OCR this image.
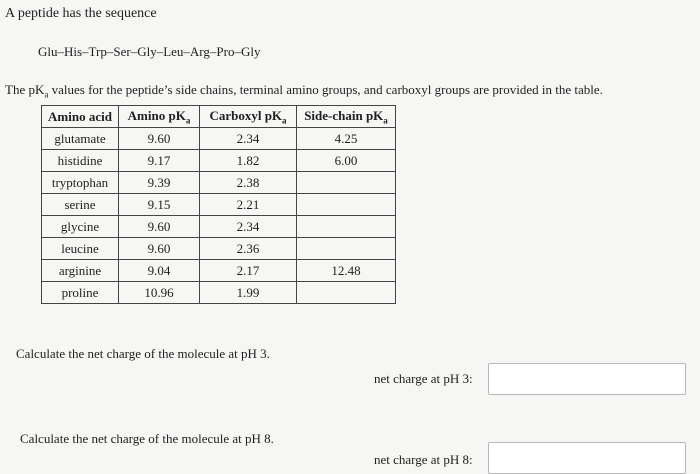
A peptide has the sequence
Glu–His–Trp–Ser–Gly–Leu–Arg–Pro–Gly
The $pK_a$ values for the peptide’s side chains, terminal amino groups, and carboxyl groups are provided in the table.
Amino acid	Amino $pK_a$	Carboxyl $pK_a$	Side-chain $pK_a$
glutamate	9.60	2.34	4.25
histidine	9.17	1.82	6.00
tryptophan	9.39	2.38	
serine	9.15	2.21	
glycine	9.60	2.34	
leucine	9.60	2.36	
arginine	9.04	2.17	12.48
proline	10.96	1.99	
Calculate the net charge of the molecule at pH 3.
net charge at pH 3:
Calculate the net charge of the molecule at pH 8.
net charge at pH 8:
